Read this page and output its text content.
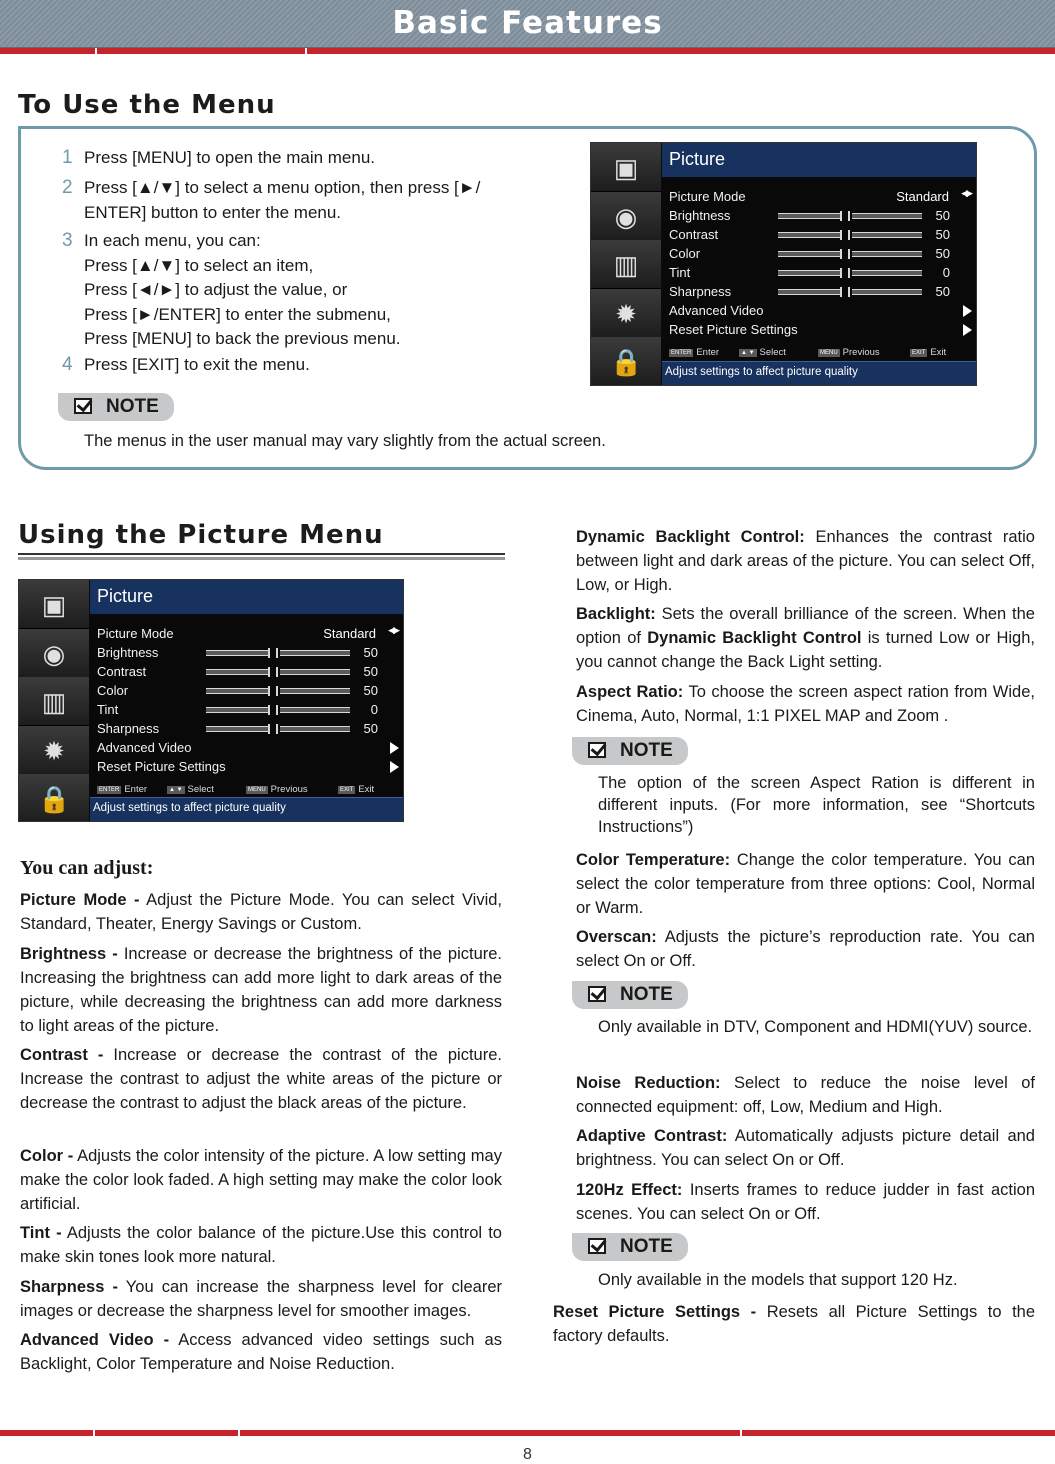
Basic Features
To Use the Menu
1 Press [MENU] to open the main menu.
2 Press [▲/▼] to select a menu option, then press [►/
ENTER] button to enter the menu.
3 In each menu, you can:
Press [▲/▼] to select an item,
Press [◄/►] to adjust the value, or
Press [►/ENTER] to enter the submenu,
Press [MENU] to back the previous menu.
4 Press [EXIT] to exit the menu.
NOTE
The menus in the user manual may vary slightly from the actual screen.
▣
◉
▥
✹
🔒
Picture
Picture Mode	Standard ◀▶
Brightness	50
Contrast	50
Color	50
Tint	0
Sharpness	50
Advanced Video
Reset Picture Settings
ENTER Enter	▲ ▼ Select	MENU Previous	EXIT Exit
Adjust settings to affect picture quality
Using the Picture Menu
▣
◉
▥
✹
🔒
Picture
Picture Mode	Standard ◀▶
Brightness	50
Contrast	50
Color	50
Tint	0
Sharpness	50
Advanced Video
Reset Picture Settings
ENTER Enter	▲ ▼ Select	MENU Previous	EXIT Exit
Adjust settings to affect picture quality
You can adjust:
Picture Mode - Adjust the Picture Mode. You can select Vivid, Standard, Theater, Energy Savings or Custom.
Brightness - Increase or decrease the brightness of the picture. Increasing the brightness can add more light to dark areas of the picture, while decreasing the brightness can add more darkness to light areas of the picture.
Contrast - Increase or decrease the contrast of the picture. Increase the contrast to adjust the white areas of the picture or decrease the contrast to adjust the black areas of the picture.
Color - Adjusts the color intensity of the picture. A low setting may make the color look faded. A high setting may make the color look artificial.
Tint - Adjusts the color balance of the picture.Use this control to make skin tones look more natural.
Sharpness - You can increase the sharpness level for clearer images or decrease the sharpness level for smoother images.
Advanced Video - Access advanced video settings such as Backlight, Color Temperature and Noise Reduction.
Dynamic Backlight Control: Enhances the contrast ratio between light and dark areas of the picture. You can select Off, Low, or High.
Backlight: Sets the overall brilliance of the screen. When the option of Dynamic Backlight Control is turned Low or High, you cannot change the Back Light setting.
Aspect Ratio: To choose the screen aspect ration from Wide, Cinema, Auto, Normal, 1:1 PIXEL MAP and Zoom .
NOTE
The option of the screen Aspect Ration is different in different inputs. (For more information, see “Shortcuts Instructions”)
Color Temperature: Change the color temperature. You can select the color temperature from three options: Cool, Normal or Warm.
Overscan: Adjusts the picture’s reproduction rate. You can select On or Off.
NOTE
Only available in DTV, Component and HDMI(YUV) source.
Noise Reduction: Select to reduce the noise level of connected equipment: off, Low, Medium and High.
Adaptive Contrast: Automatically adjusts picture detail and brightness. You can select On or Off.
120Hz Effect: Inserts frames to reduce judder in fast action scenes. You can select On or Off.
NOTE
Only available in the models that support 120 Hz.
Reset Picture Settings - Resets all Picture Settings to the factory defaults.
8
